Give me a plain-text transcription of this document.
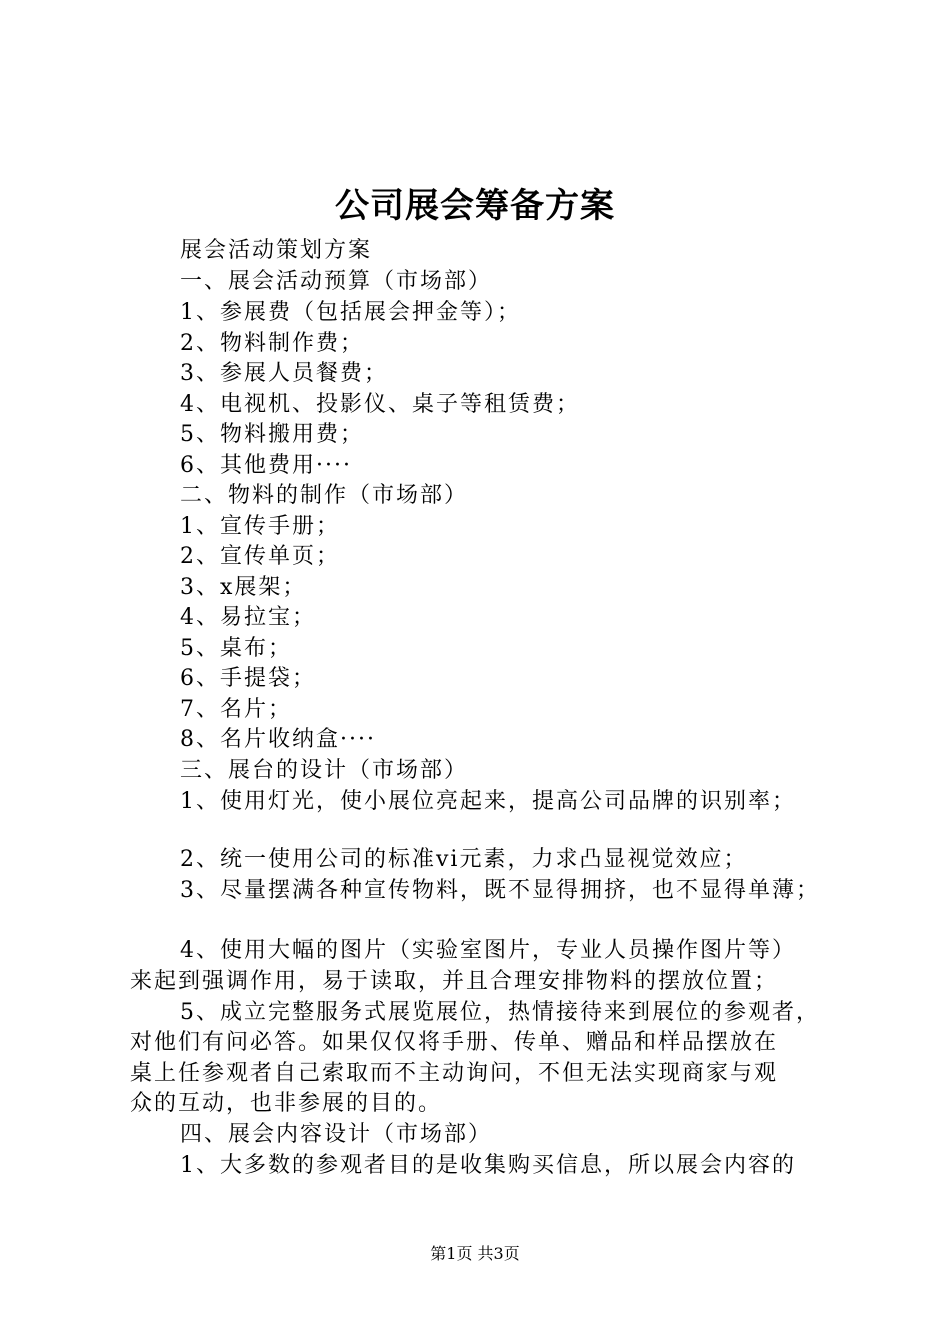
公司展会筹备方案
展会活动策划方案
一、展会活动预算（市场部）
1、参展费（包括展会押金等）；
2、物料制作费；
3、参展人员餐费；
4、电视机、投影仪、桌子等租赁费；
5、物料搬用费；
6、其他费用····
二、物料的制作（市场部）
1、宣传手册；
2、宣传单页；
3、x展架；
4、易拉宝；
5、桌布；
6、手提袋；
7、名片；
8、名片收纳盒····
三、展台的设计（市场部）
1、使用灯光，使小展位亮起来，提高公司品牌的识别率；
2、统一使用公司的标准vi元素，力求凸显视觉效应；
3、尽量摆满各种宣传物料，既不显得拥挤，也不显得单薄；
4、使用大幅的图片（实验室图片，专业人员操作图片等）
来起到强调作用，易于读取，并且合理安排物料的摆放位置；
5、成立完整服务式展览展位，热情接待来到展位的参观者，
对他们有问必答。如果仅仅将手册、传单、赠品和样品摆放在
桌上任参观者自己索取而不主动询问，不但无法实现商家与观
众的互动，也非参展的目的。
四、展会内容设计（市场部）
1、大多数的参观者目的是收集购买信息，所以展会内容的
第1页 共3页
